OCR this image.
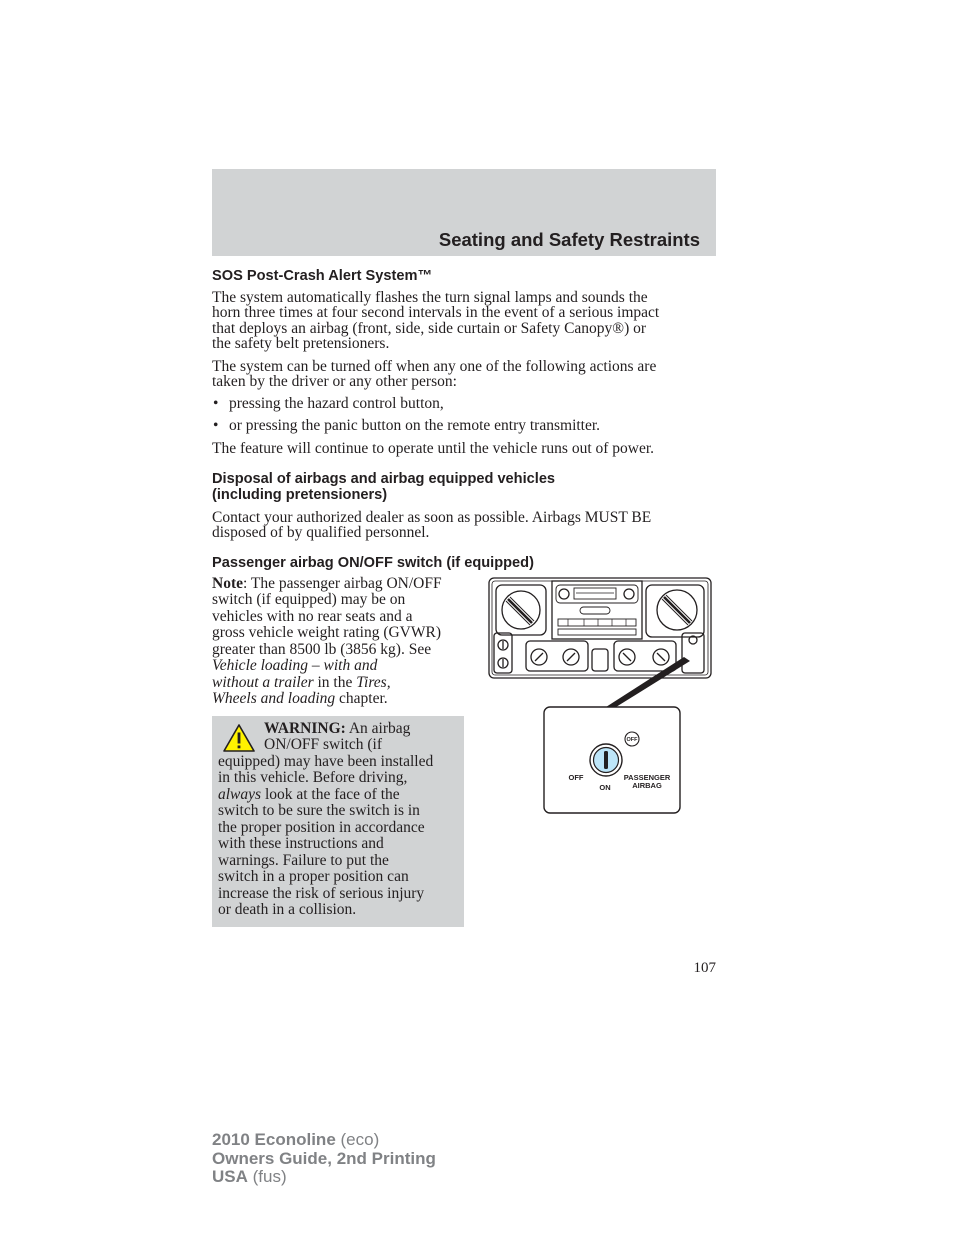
Seating and Safety Restraints
SOS Post-Crash Alert System™

The system automatically flashes the turn signal lamps and sounds the
horn three times at four second intervals in the event of a serious impact
that deploys an airbag (front, side, side curtain or Safety Canopy®) or
the safety belt pretensioners.

The system can be turned off when any one of the following actions are
taken by the driver or any other person:

• pressing the hazard control button,
• or pressing the panic button on the remote entry transmitter.

The feature will continue to operate until the vehicle runs out of power.

Disposal of airbags and airbag equipped vehicles
(including pretensioners)

Contact your authorized dealer as soon as possible. Airbags MUST BE
disposed of by qualified personnel.

Passenger airbag ON/OFF switch (if equipped)

Note: The passenger airbag ON/OFF
switch (if equipped) may be on
vehicles with no rear seats and a
gross vehicle weight rating (GVWR)
greater than 8500 lb (3856 kg). See
Vehicle loading – with and
without a trailer in the Tires,
Wheels and loading chapter.

WARNING: An airbag
ON/OFF switch (if
equipped) may have been installed
in this vehicle. Before driving,
always look at the face of the
switch to be sure the switch is in
the proper position in accordance
with these instructions and
warnings. Failure to put the
switch in a proper position can
increase the risk of serious injury
or death in a collision.
OFF
OFF
ON
PASSENGER
AIRBAG
107
2010 Econoline (eco)
Owners Guide, 2nd Printing
USA (fus)
